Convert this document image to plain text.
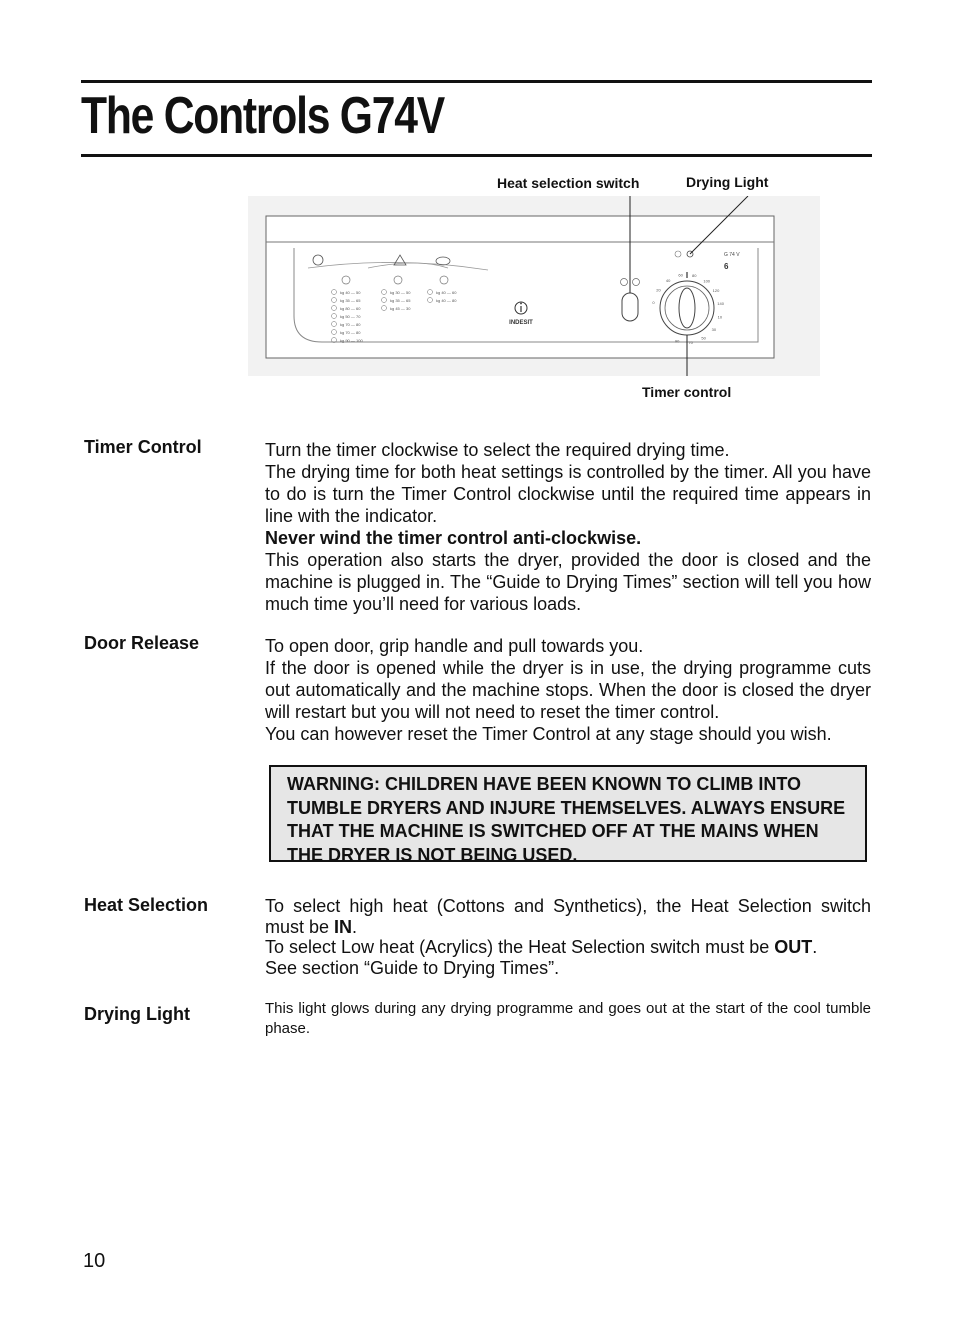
The Controls G74V
Heat selection switch	Drying Light
Timer control
kg 40 — 50
kg 35 — 65
kg 80 — 60
kg 50 — 70
kg 70 — 80
kg 70 — 80
kg 90 — 100
kg 30 — 50
kg 35 — 65
kg 45 — 30
kg 40 — 60
kg 40 — 80
INDESIT
G 74 V
6
0
20
40
60 80
100
120
140
10
30
50
70
90
Timer Control	Turn the timer clockwise to select the required drying time.

The drying time for both heat settings is controlled by the timer. All you have to do is turn the Timer Control clockwise until the required time appears in line with the indicator.

Never wind the timer control anti-clockwise.

This operation also starts the dryer, provided the door is closed and the machine is plugged in. The “Guide to Drying Times” section will tell you how much time you’ll need for various loads.

Door Release	To open door, grip handle and pull towards you.

If the door is opened while the dryer is in use, the drying programme cuts out automatically and the machine stops. When the door is closed the dryer will restart but you will not need to reset the timer control.

You can however reset the Timer Control at any stage should you wish.

WARNING: CHILDREN HAVE BEEN KNOWN TO CLIMB INTO TUMBLE DRYERS AND INJURE THEMSELVES. ALWAYS ENSURE THAT THE MACHINE IS SWITCHED OFF AT THE MAINS WHEN THE DRYER IS NOT BEING USED.
Heat Selection	To select high heat (Cottons and Synthetics), the Heat Selection switch must be IN.

To select Low heat (Acrylics) the Heat Selection switch must be OUT.

See section “Guide to Drying Times”.

Drying Light	This light glows during any drying programme and goes out at the start of the cool tumble phase.

10
